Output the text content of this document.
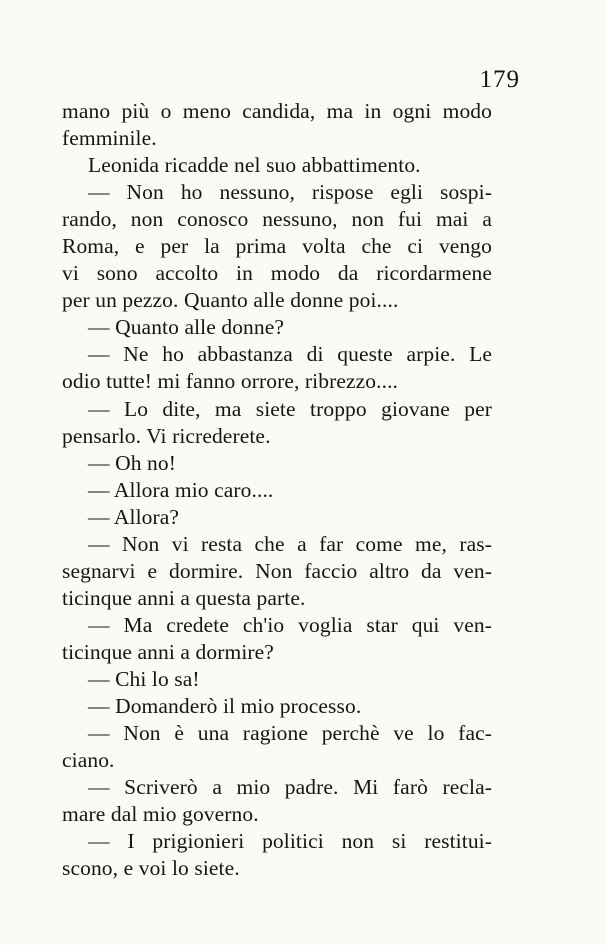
179
mano più o meno candida, ma in ogni modo
femminile.
Leonida ricadde nel suo abbattimento.
— Non ho nessuno, rispose egli sospi-
rando, non conosco nessuno, non fui mai a
Roma, e per la prima volta che ci vengo
vi sono accolto in modo da ricordarmene
per un pezzo. Quanto alle donne poi....
— Quanto alle donne?
— Ne ho abbastanza di queste arpie. Le
odio tutte! mi fanno orrore, ribrezzo....
— Lo dite, ma siete troppo giovane per
pensarlo. Vi ricrederete.
— Oh no!
— Allora mio caro....
— Allora?
— Non vi resta che a far come me, ras-
segnarvi e dormire. Non faccio altro da ven-
ticinque anni a questa parte.
— Ma credete ch'io voglia star qui ven-
ticinque anni a dormire?
— Chi lo sa!
— Domanderò il mio processo.
— Non è una ragione perchè ve lo fac-
ciano.
— Scriverò a mio padre. Mi farò recla-
mare dal mio governo.
— I prigionieri politici non si restitui-
scono, e voi lo siete.
